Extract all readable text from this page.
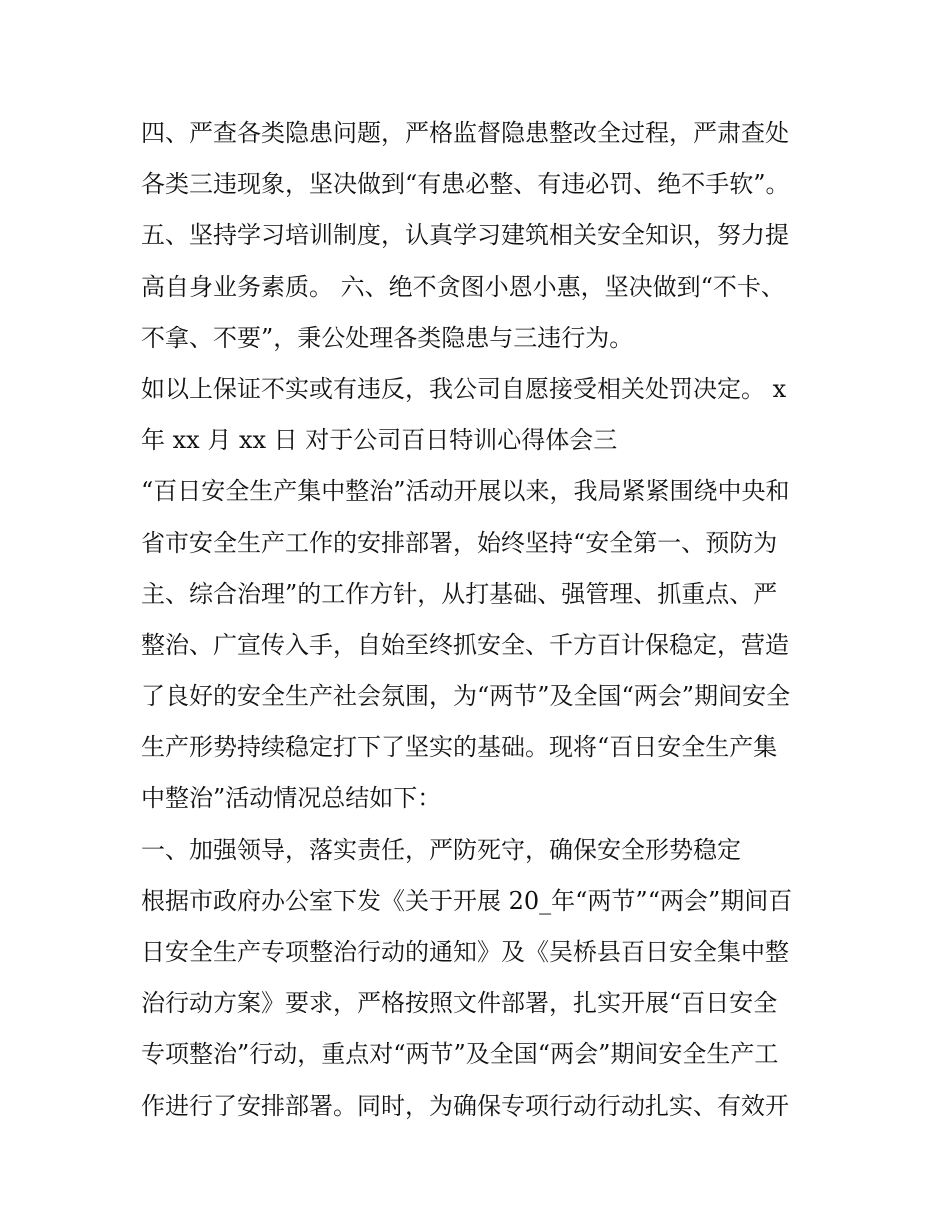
四、严查各类隐患问题，严格监督隐患整改全过程，严肃查处
各类三违现象，坚决做到“有患必整、有违必罚、绝不手软”。
五、坚持学习培训制度，认真学习建筑相关安全知识，努力提
高自身业务素质。 六、绝不贪图小恩小惠，坚决做到“不卡、
不拿、不要”，秉公处理各类隐患与三违行为。
如以上保证不实或有违反，我公司自愿接受相关处罚决定。 x
年 xx 月 xx 日 对于公司百日特训心得体会三
“百日安全生产集中整治”活动开展以来，我局紧紧围绕中央和
省市安全生产工作的安排部署，始终坚持“安全第一、预防为
主、综合治理”的工作方针，从打基础、强管理、抓重点、严
整治、广宣传入手，自始至终抓安全、千方百计保稳定，营造
了良好的安全生产社会氛围，为“两节”及全国“两会”期间安全
生产形势持续稳定打下了坚实的基础。现将“百日安全生产集
中整治”活动情况总结如下：
一、加强领导，落实责任，严防死守，确保安全形势稳定
根据市政府办公室下发《关于开展 20_年“两节”“两会”期间百
日安全生产专项整治行动的通知》及《吴桥县百日安全集中整
治行动方案》要求，严格按照文件部署，扎实开展“百日安全
专项整治”行动，重点对“两节”及全国“两会”期间安全生产工
作进行了安排部署。同时，为确保专项行动行动扎实、有效开
